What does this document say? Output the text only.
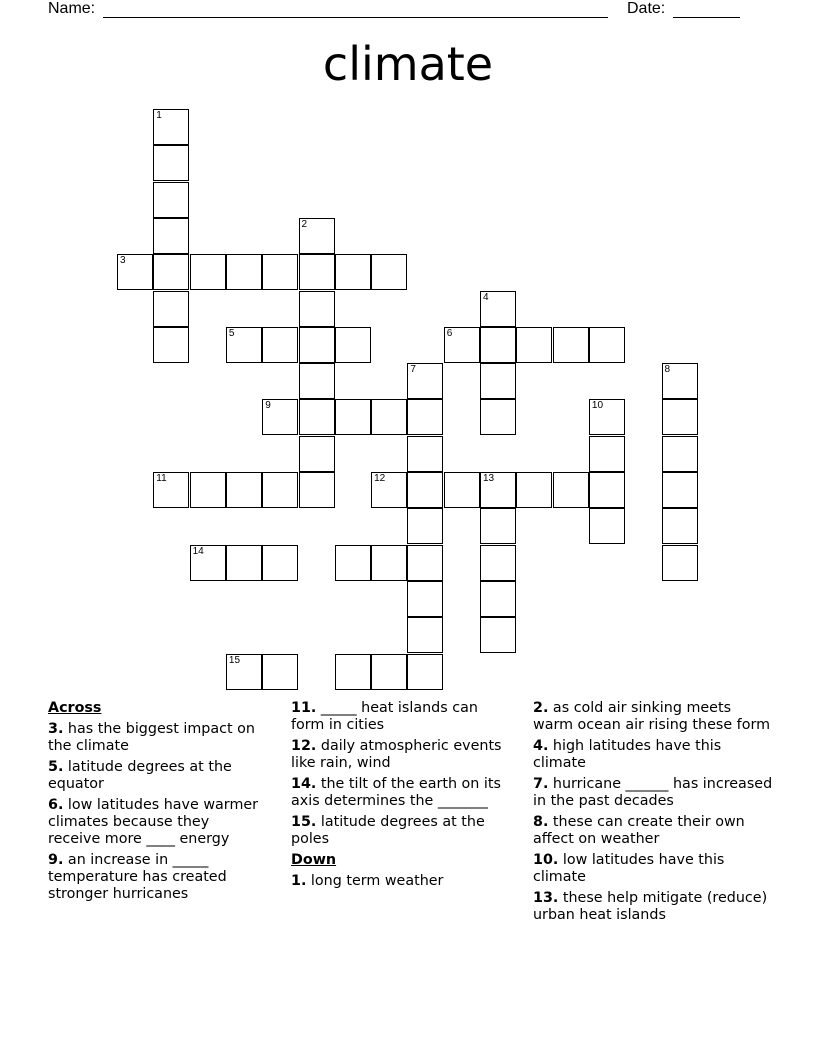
Name:	Date:
climate
1
2
3
4
5	6
7	8
9	10
11	12	13
14
15
Across
3. has the biggest impact on the climate
5. latitude degrees at the equator
6. low latitudes have warmer climates because they receive more ____ energy
9. an increase in _____ temperature has created stronger hurricanes
11. _____ heat islands can form in cities
12. daily atmospheric events like rain, wind
14. the tilt of the earth on its axis determines the _______
15. latitude degrees at the poles
Down
1. long term weather
2. as cold air sinking meets warm ocean air rising these form
4. high latitudes have this climate
7. hurricane ______ has increased in the past decades
8. these can create their own affect on weather
10. low latitudes have this climate
13. these help mitigate (reduce) urban heat islands
